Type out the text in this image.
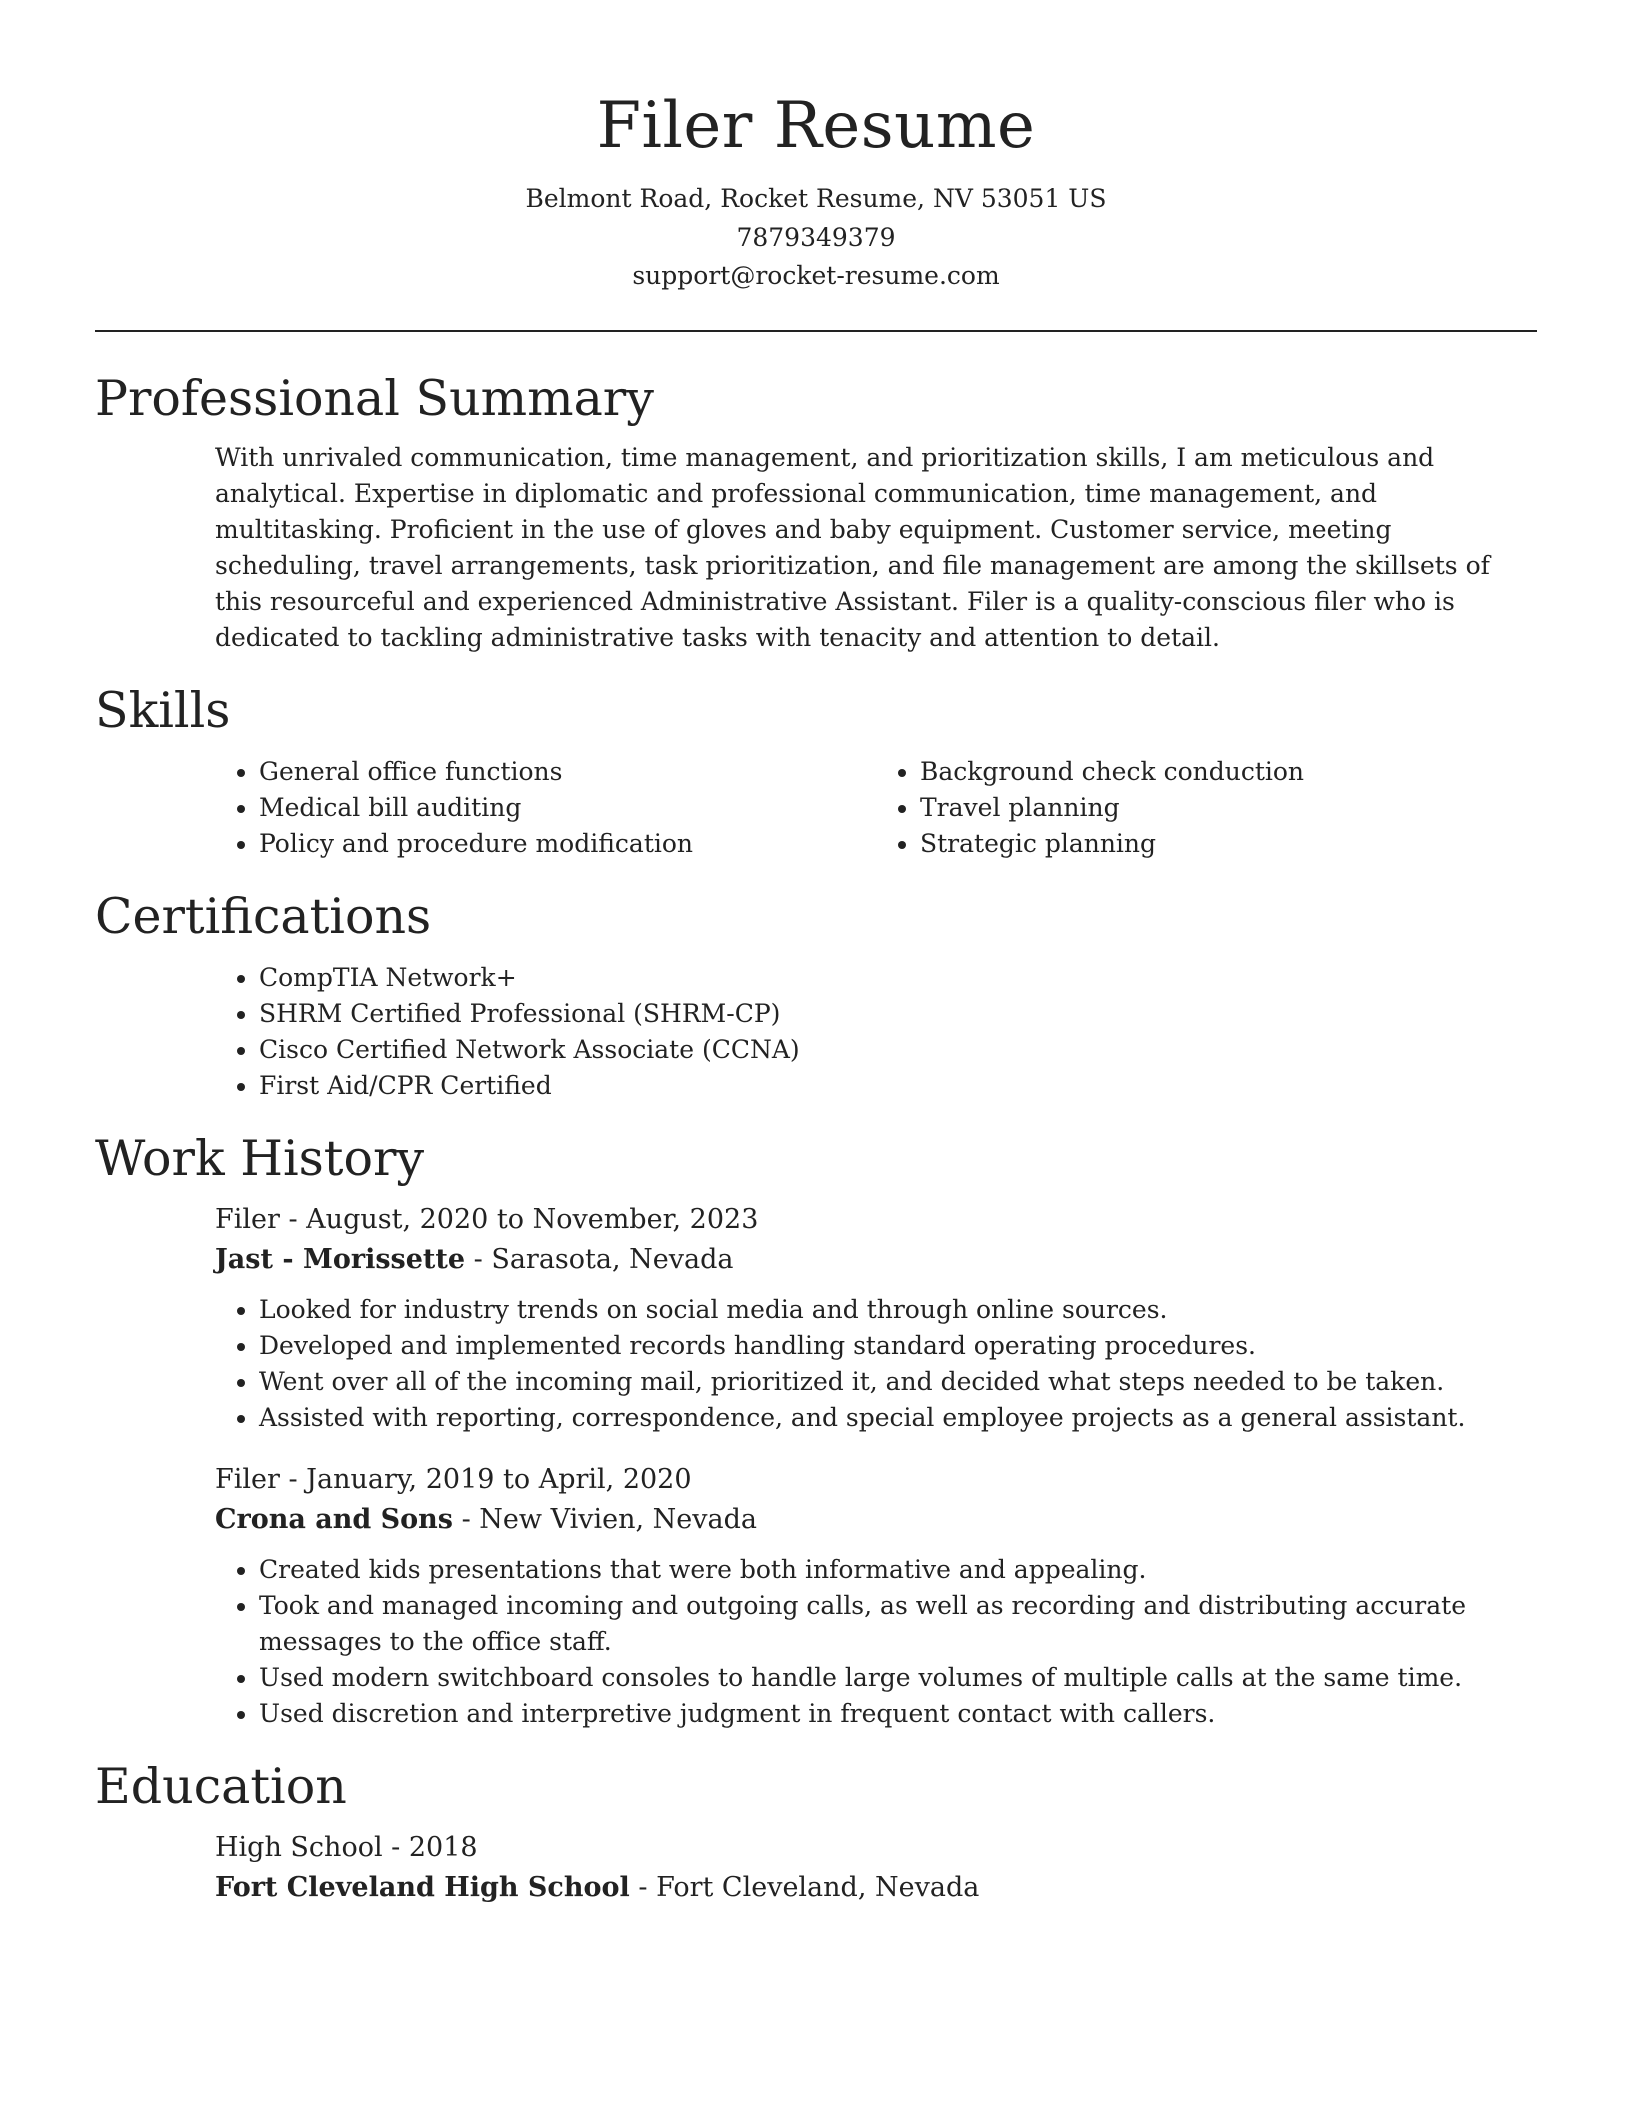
Filer Resume
Belmont Road, Rocket Resume, NV 53051 US
7879349379
support@rocket-resume.com
Professional Summary

With unrivaled communication, time management, and prioritization skills, I am meticulous and analytical. Expertise in diplomatic and professional communication, time management, and multitasking. Proficient in the use of gloves and baby equipment. Customer service, meeting scheduling, travel arrangements, task prioritization, and file management are among the skillsets of this resourceful and experienced Administrative Assistant. Filer is a quality-conscious filer who is dedicated to tackling administrative tasks with tenacity and attention to detail.

Skills
• General office functions
• Medical bill auditing
• Policy and procedure modification
• Background check conduction
• Travel planning
• Strategic planning
Certifications
• CompTIA Network+
• SHRM Certified Professional (SHRM-CP)
• Cisco Certified Network Associate (CCNA)
• First Aid/CPR Certified
Work History
Filer - August, 2020 to November, 2023
Jast - Morissette - Sarasota, Nevada
• Looked for industry trends on social media and through online sources.
• Developed and implemented records handling standard operating procedures.
• Went over all of the incoming mail, prioritized it, and decided what steps needed to be taken.
• Assisted with reporting, correspondence, and special employee projects as a general assistant.
Filer - January, 2019 to April, 2020
Crona and Sons - New Vivien, Nevada
• Created kids presentations that were both informative and appealing.
• Took and managed incoming and outgoing calls, as well as recording and distributing accurate messages to the office staff.
• Used modern switchboard consoles to handle large volumes of multiple calls at the same time.
• Used discretion and interpretive judgment in frequent contact with callers.
Education
High School - 2018
Fort Cleveland High School - Fort Cleveland, Nevada
